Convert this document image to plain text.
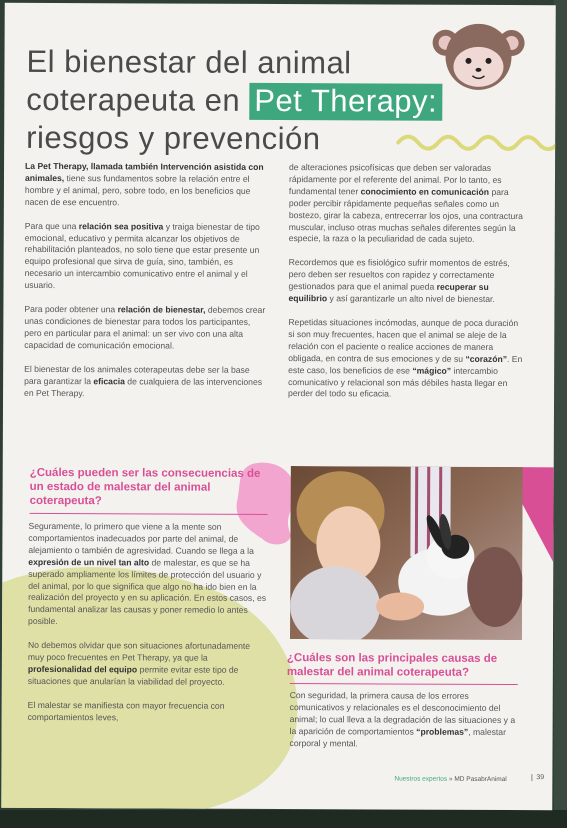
El bienestar del animal
coterapeuta en Pet Therapy:
riesgos y prevención

La Pet Therapy, llamada también Intervención asistida con animales, tiene sus fundamentos sobre la relación entre el hombre y el animal, pero, sobre todo, en los beneficios que nacen de ese encuentro.

Para que una relación sea positiva y traiga bienestar de tipo emocional, educativo y permita alcanzar los objetivos de rehabilitación planteados, no solo tiene que estar presente un equipo profesional que sirva de guía, sino, también, es necesario un intercambio comunicativo entre el animal y el usuario.

Para poder obtener una relación de bienestar, debemos crear unas condiciones de bienestar para todos los participantes, pero en particular para el animal: un ser vivo con una alta capacidad de comunicación emocional.

El bienestar de los animales coterapeutas debe ser la base para garantizar la eficacia de cualquiera de las intervenciones en Pet Therapy.

de alteraciones psicofísicas que deben ser valoradas rápidamente por el referente del animal. Por lo tanto, es fundamental tener conocimiento en comunicación para poder percibir rápidamente pequeñas señales como un bostezo, girar la cabeza, entrecerrar los ojos, una contractura muscular, incluso otras muchas señales diferentes según la especie, la raza o la peculiaridad de cada sujeto.

Recordemos que es fisiológico sufrir momentos de estrés, pero deben ser resueltos con rapidez y correctamente gestionados para que el animal pueda recuperar su equilibrio y así garantizarle un alto nivel de bienestar.

Repetidas situaciones incómodas, aunque de poca duración si son muy frecuentes, hacen que el animal se aleje de la relación con el paciente o realice acciones de manera obligada, en contra de sus emociones y de su “corazón”. En este caso, los beneficios de ese “mágico” intercambio comunicativo y relacional son más débiles hasta llegar en perder del todo su eficacia.

¿Cuáles pueden ser las consecuencias de un estado de malestar del animal coterapeuta?

Seguramente, lo primero que viene a la mente son comportamientos inadecuados por parte del animal, de alejamiento o también de agresividad. Cuando se llega a la expresión de un nivel tan alto de malestar, es que se ha superado ampliamente los límites de protección del usuario y del animal, por lo que significa que algo no ha ido bien en la realización del proyecto y en su aplicación. En estos casos, es fundamental analizar las causas y poner remedio lo antes posible.

No debemos olvidar que son situaciones afortunadamente muy poco frecuentes en Pet Therapy, ya que la profesionalidad del equipo permite evitar este tipo de situaciones que anularían la viabilidad del proyecto.

El malestar se manifiesta con mayor frecuencia con comportamientos leves,

¿Cuáles son las principales causas de malestar del animal coterapeuta?

Con seguridad, la primera causa de los errores comunicativos y relacionales es el desconocimiento del animal; lo cual lleva a la degradación de las situaciones y a la aparición de comportamientos “problemas”, malestar corporal y mental.

Nuestros expertos » MD PasabrAnimal	39
